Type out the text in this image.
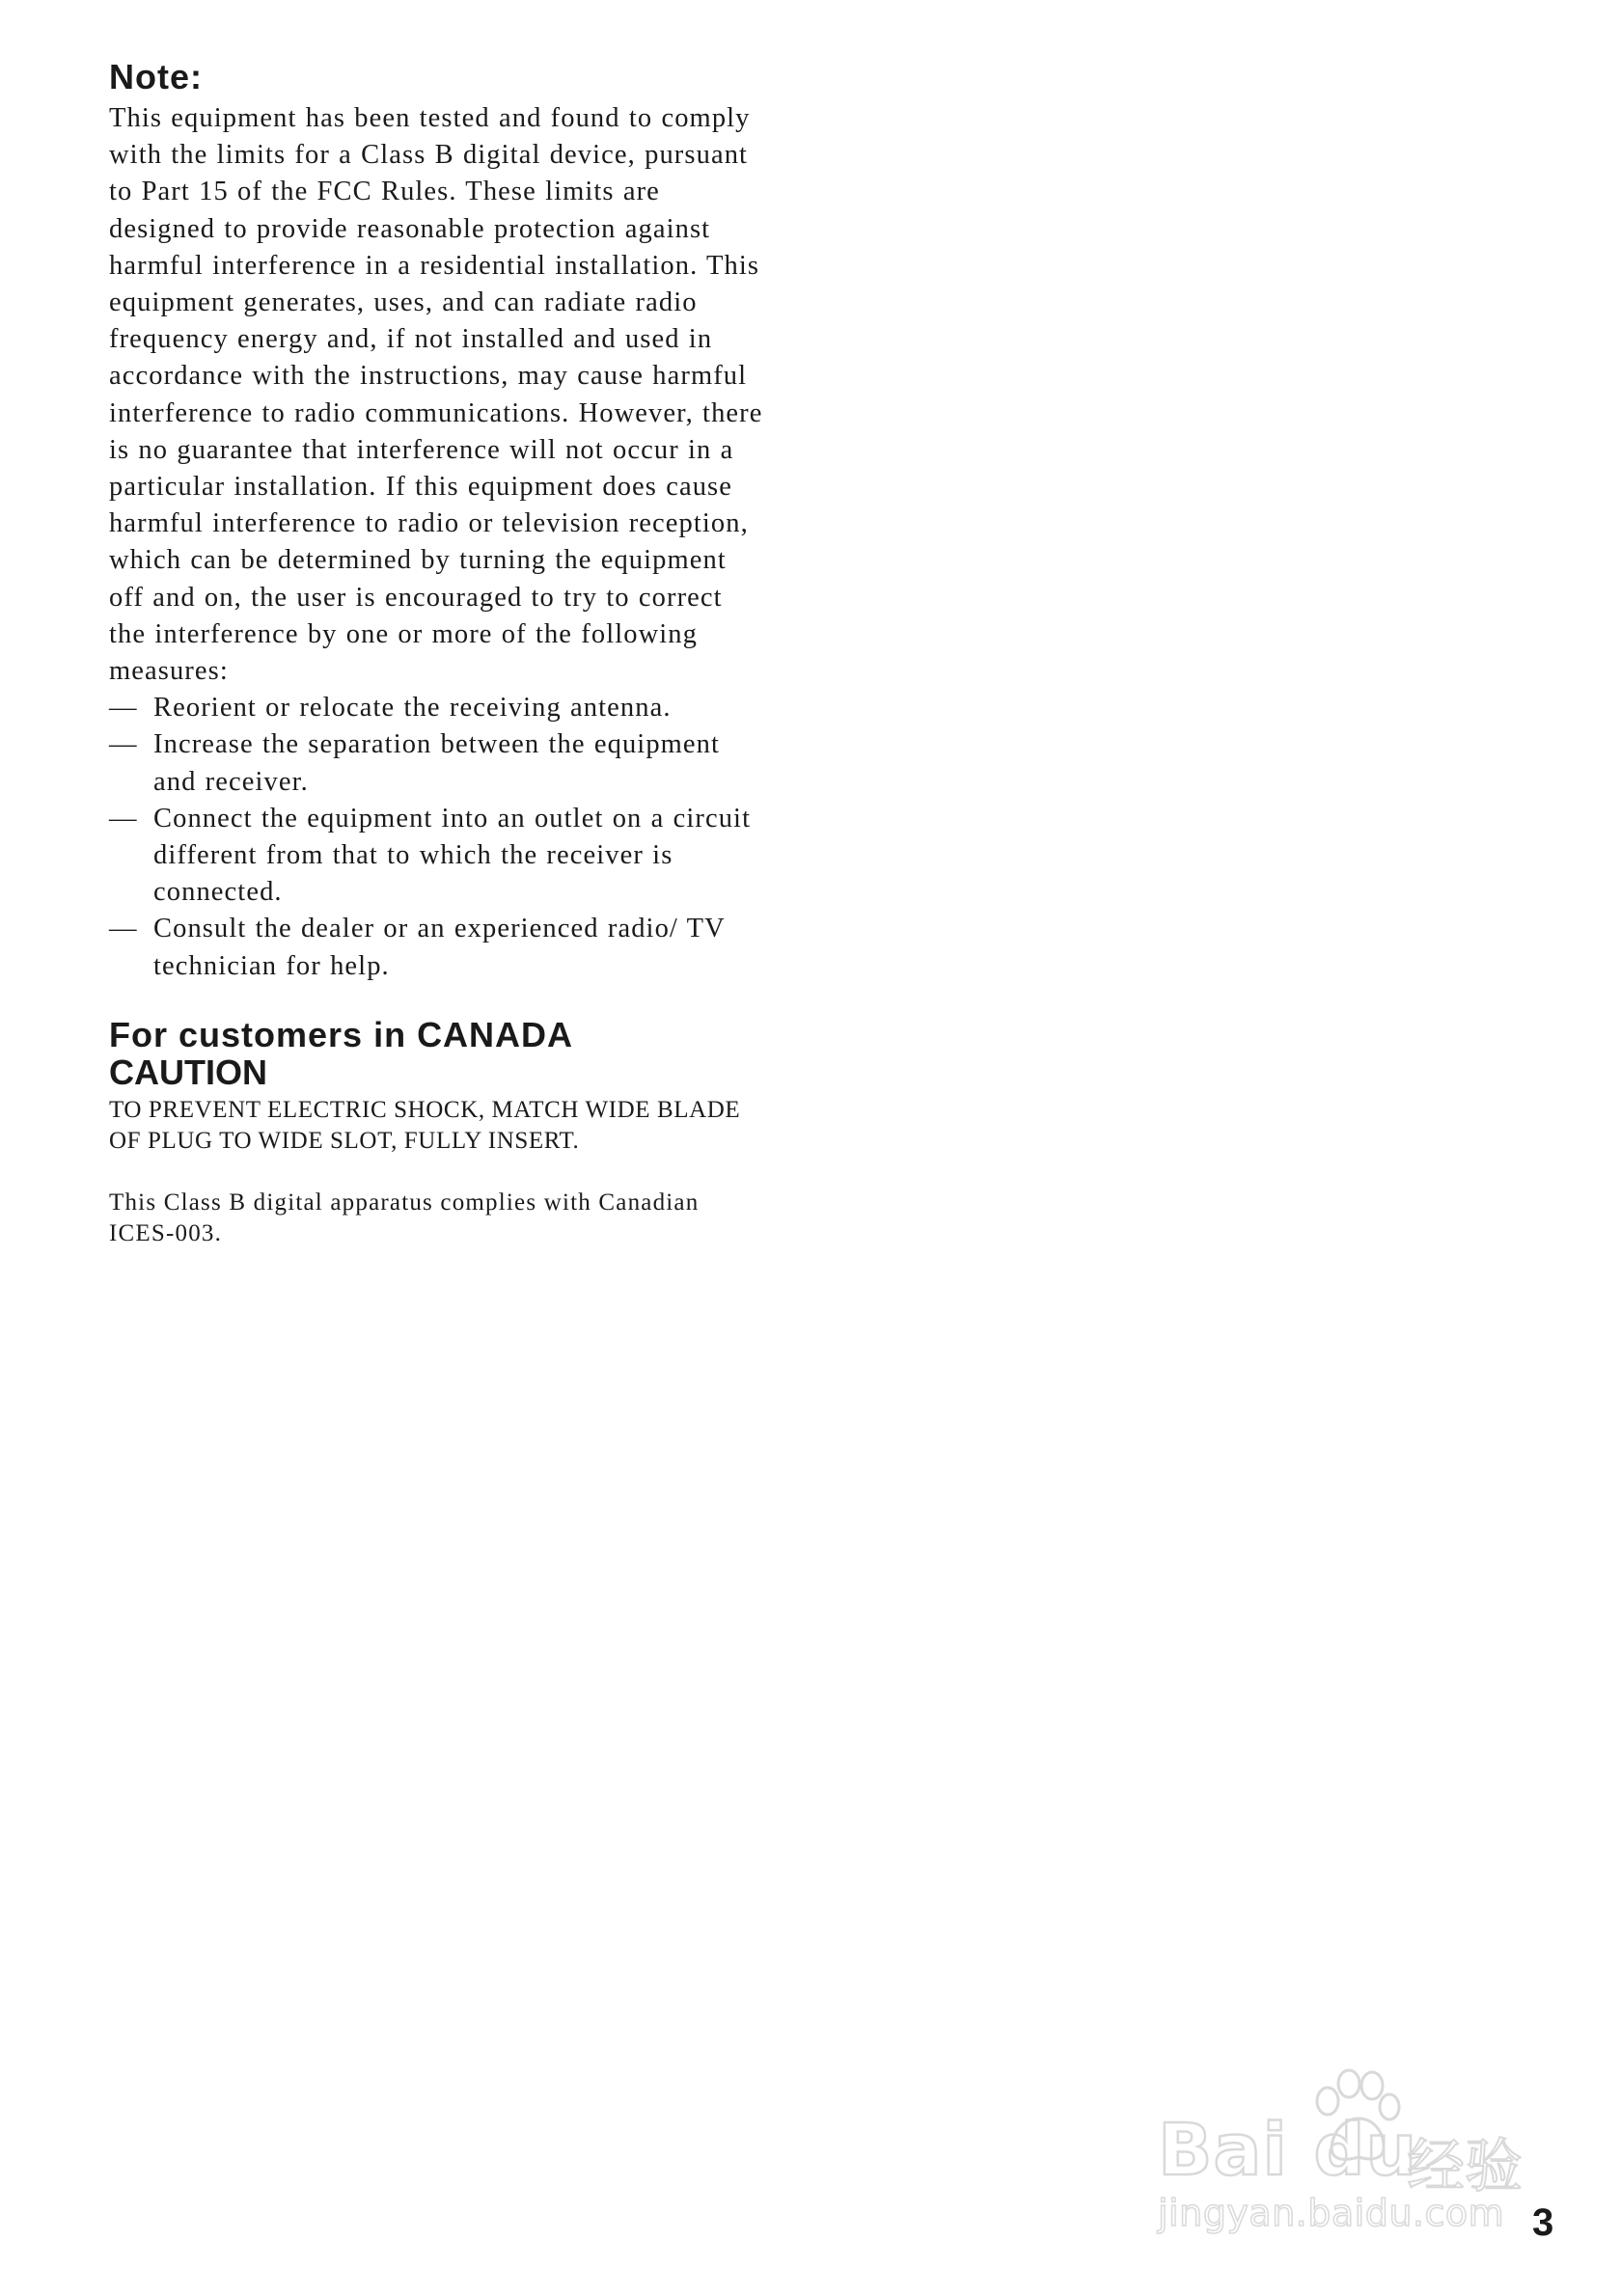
Note:

This equipment has been tested and found to comply with the limits for a Class B digital device, pursuant to Part 15 of the FCC Rules. These limits are designed to provide reasonable protection against harmful interference in a residential installation. This equipment generates, uses, and can radiate radio frequency energy and, if not installed and used in accordance with the instructions, may cause harmful interference to radio communications. However, there is no guarantee that interference will not occur in a particular installation. If this equipment does cause harmful interference to radio or television reception, which can be determined by turning the equipment off and on, the user is encouraged to try to correct the interference by one or more of the following measures:

— Reorient or relocate the receiving antenna.
— Increase the separation between the equipment and receiver.
— Connect the equipment into an outlet on a circuit different from that to which the receiver is connected.
— Consult the dealer or an experienced radio/ TV technician for help.
For customers in CANADA
CAUTION

TO PREVENT ELECTRIC SHOCK, MATCH WIDE BLADE OF PLUG TO WIDE SLOT, FULLY INSERT.

This Class B digital apparatus complies with Canadian ICES-003.

Bai du
经验
jingyan.baidu.com 3
